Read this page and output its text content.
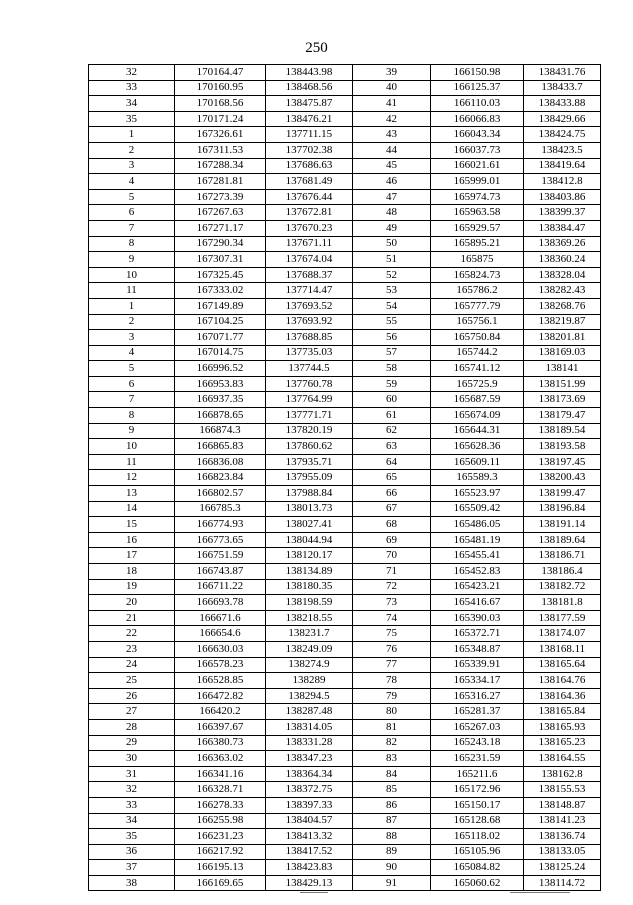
250
32	170164.47	138443.98	39	166150.98	138431.76
33	170160.95	138468.56	40	166125.37	138433.7
34	170168.56	138475.87	41	166110.03	138433.88
35	170171.24	138476.21	42	166066.83	138429.66
1	167326.61	137711.15	43	166043.34	138424.75
2	167311.53	137702.38	44	166037.73	138423.5
3	167288.34	137686.63	45	166021.61	138419.64
4	167281.81	137681.49	46	165999.01	138412.8
5	167273.39	137676.44	47	165974.73	138403.86
6	167267.63	137672.81	48	165963.58	138399.37
7	167271.17	137670.23	49	165929.57	138384.47
8	167290.34	137671.11	50	165895.21	138369.26
9	167307.31	137674.04	51	165875	138360.24
10	167325.45	137688.37	52	165824.73	138328.04
11	167333.02	137714.47	53	165786.2	138282.43
1	167149.89	137693.52	54	165777.79	138268.76
2	167104.25	137693.92	55	165756.1	138219.87
3	167071.77	137688.85	56	165750.84	138201.81
4	167014.75	137735.03	57	165744.2	138169.03
5	166996.52	137744.5	58	165741.12	138141
6	166953.83	137760.78	59	165725.9	138151.99
7	166937.35	137764.99	60	165687.59	138173.69
8	166878.65	137771.71	61	165674.09	138179.47
9	166874.3	137820.19	62	165644.31	138189.54
10	166865.83	137860.62	63	165628.36	138193.58
11	166836.08	137935.71	64	165609.11	138197.45
12	166823.84	137955.09	65	165589.3	138200.43
13	166802.57	137988.84	66	165523.97	138199.47
14	166785.3	138013.73	67	165509.42	138196.84
15	166774.93	138027.41	68	165486.05	138191.14
16	166773.65	138044.94	69	165481.19	138189.64
17	166751.59	138120.17	70	165455.41	138186.71
18	166743.87	138134.89	71	165452.83	138186.4
19	166711.22	138180.35	72	165423.21	138182.72
20	166693.78	138198.59	73	165416.67	138181.8
21	166671.6	138218.55	74	165390.03	138177.59
22	166654.6	138231.7	75	165372.71	138174.07
23	166630.03	138249.09	76	165348.87	138168.11
24	166578.23	138274.9	77	165339.91	138165.64
25	166528.85	138289	78	165334.17	138164.76
26	166472.82	138294.5	79	165316.27	138164.36
27	166420.2	138287.48	80	165281.37	138165.84
28	166397.67	138314.05	81	165267.03	138165.93
29	166380.73	138331.28	82	165243.18	138165.23
30	166363.02	138347.23	83	165231.59	138164.55
31	166341.16	138364.34	84	165211.6	138162.8
32	166328.71	138372.75	85	165172.96	138155.53
33	166278.33	138397.33	86	165150.17	138148.87
34	166255.98	138404.57	87	165128.68	138141.23
35	166231.23	138413.32	88	165118.02	138136.74
36	166217.92	138417.52	89	165105.96	138133.05
37	166195.13	138423.83	90	165084.82	138125.24
38	166169.65	138429.13	91	165060.62	138114.72
